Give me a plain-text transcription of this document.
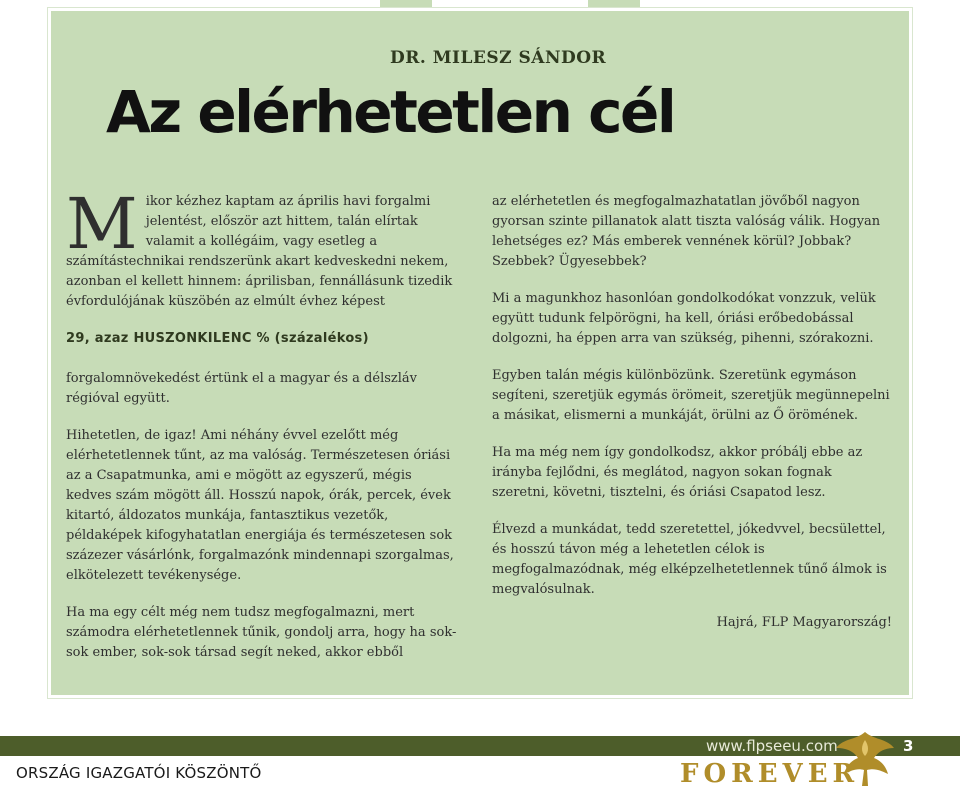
DR. MILESZ SÁNDOR
Az elérhetetlen cél

Mikor kézhez kaptam az április havi forgalmi jelentést, először azt hittem, talán elírtak valamit a kollégáim, vagy esetleg a számítástechnikai rendszerünk akart kedveskedni nekem, azonban el kellett hinnem: áprilisban, fennállásunk tizedik évfordulójának küszöbén az elmúlt évhez képest

29, azaz HUSZONKILENC % (százalékos)

forgalomnövekedést értünk el a magyar és a délszláv régióval együtt.

Hihetetlen, de igaz! Ami néhány évvel ezelőtt még elérhetetlennek tűnt, az ma valóság. Természetesen óriási az a Csapatmunka, ami e mögött az egyszerű, mégis kedves szám mögött áll. Hosszú napok, órák, percek, évek kitartó, áldozatos munkája, fantasztikus vezetők, példaképek kifogyhatatlan energiája és természetesen sok százezer vásárlónk, forgalmazónk mindennapi szorgalmas, elkötelezett tevékenysége.

Ha ma egy célt még nem tudsz megfogalmazni, mert számodra elérhetetlennek tűnik, gondolj arra, hogy ha sok-sok ember, sok-sok társad segít neked, akkor ebből

az elérhetetlen és megfogalmazhatatlan jövőből nagyon gyorsan szinte pillanatok alatt tiszta valóság válik. Hogyan lehetséges ez? Más emberek vennének körül? Jobbak? Szebbek? Ügyesebbek?

Mi a magunkhoz hasonlóan gondolkodókat vonzzuk, velük együtt tudunk felpörögni, ha kell, óriási erőbedobással dolgozni, ha éppen arra van szükség, pihenni, szórakozni.

Egyben talán mégis különbözünk. Szeretünk egymáson segíteni, szeretjük egymás örömeit, szeretjük megünnepelni a másikat, elismerni a munkáját, örülni az Ő örömének.

Ha ma még nem így gondolkodsz, akkor próbálj ebbe az irányba fejlődni, és meglátod, nagyon sokan fognak szeretni, követni, tisztelni, és óriási Csapatod lesz.

Élvezd a munkádat, tedd szeretettel, jókedvvel, becsülettel, és hosszú távon még a lehetetlen célok is megfogalmazódnak, még elképzelhetetlennek tűnő álmok is megvalósulnak.

Hajrá, FLP Magyarország!

www.flpseeu.com	3
ORSZÁG IGAZGATÓI KÖSZÖNTŐ	FOREVER
